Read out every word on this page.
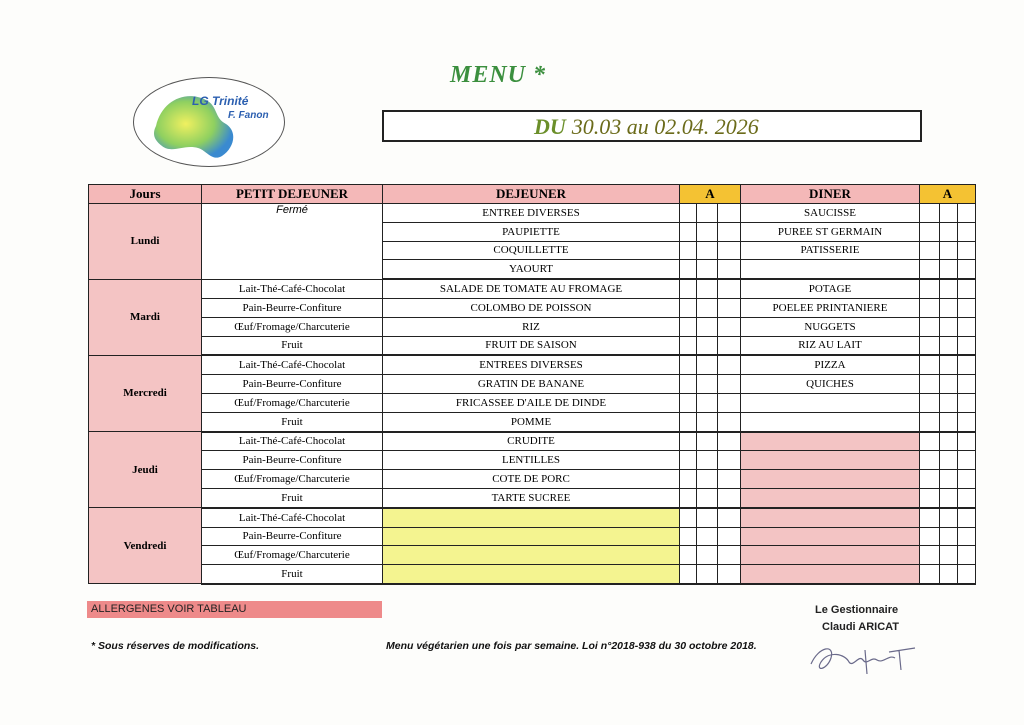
LG Trinité
F. Fanon
MENU *
DU 30.03 au 02.04. 2026
Jours	PETIT DEJEUNER	DEJEUNER	A			DINER	A		
Lundi	Fermé	ENTREE DIVERSES				SAUCISSE			
		PAUPIETTE				PUREE ST GERMAIN			
		COQUILLETTE				PATISSERIE			
		YAOURT							
Mardi	Lait-Thé-Café-Chocolat	SALADE DE TOMATE AU FROMAGE				POTAGE			
	Pain-Beurre-Confiture	COLOMBO DE POISSON				POELEE PRINTANIERE			
	Œuf/Fromage/Charcuterie	RIZ				NUGGETS			
	Fruit	FRUIT DE SAISON				RIZ AU LAIT			
Mercredi	Lait-Thé-Café-Chocolat	ENTREES DIVERSES				PIZZA			
	Pain-Beurre-Confiture	GRATIN DE BANANE				QUICHES			
	Œuf/Fromage/Charcuterie	FRICASSEE D'AILE DE DINDE							
	Fruit	POMME							
Jeudi	Lait-Thé-Café-Chocolat	CRUDITE							
	Pain-Beurre-Confiture	LENTILLES							
	Œuf/Fromage/Charcuterie	COTE DE PORC							
	Fruit	TARTE SUCREE							
Vendredi	Lait-Thé-Café-Chocolat								
	Pain-Beurre-Confiture								
	Œuf/Fromage/Charcuterie								
	Fruit								
ALLERGENES VOIR TABLEAU
* Sous réserves de modifications.	Menu végétarien une fois par semaine. Loi n°2018-938 du 30 octobre 2018.
Le Gestionnaire
Claudi ARICAT
